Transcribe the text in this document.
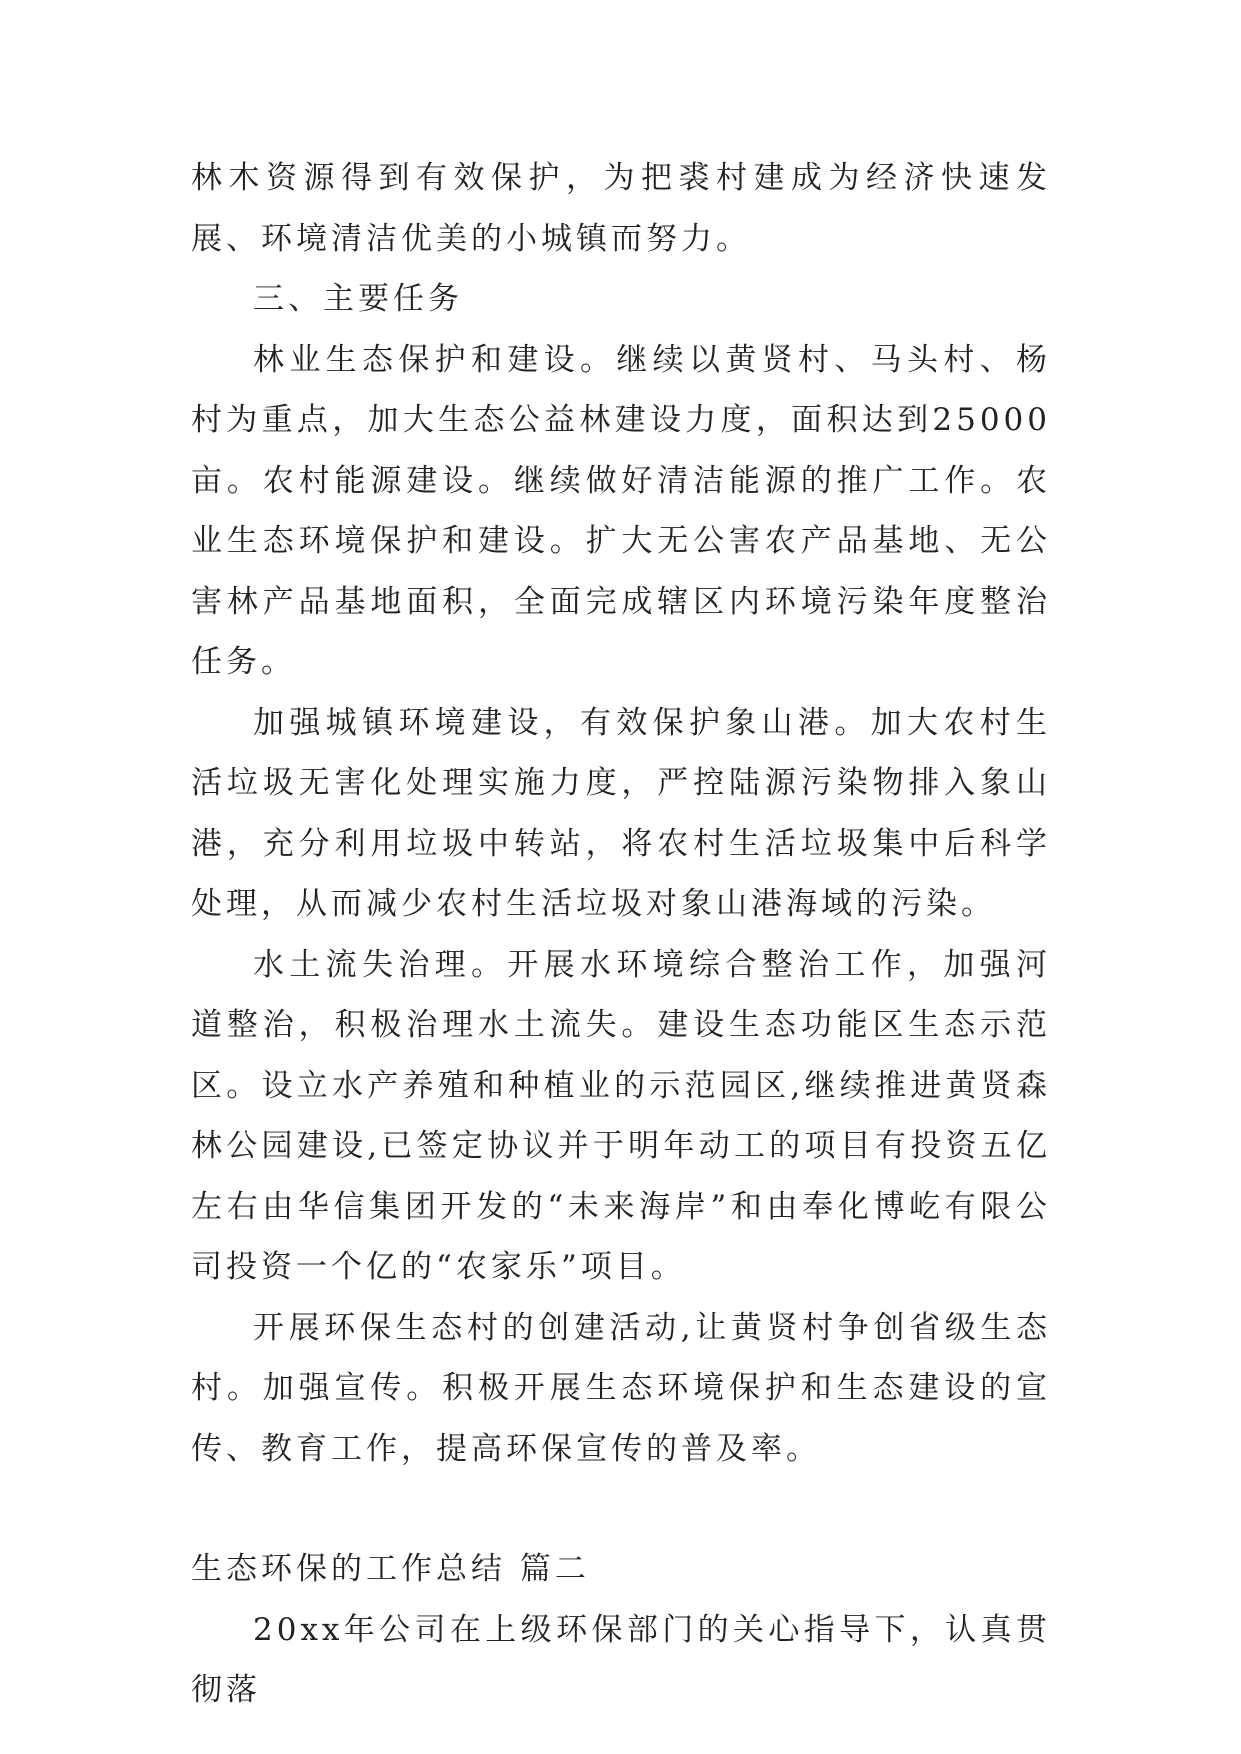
林木资源得到有效保护，为把裘村建成为经济快速发展、环境清洁优美的小城镇而努力。

三、主要任务

林业生态保护和建设。继续以黄贤村、马头村、杨村为重点，加大生态公益林建设力度，面积达到25000亩。农村能源建设。继续做好清洁能源的推广工作。农业生态环境保护和建设。扩大无公害农产品基地、无公害林产品基地面积，全面完成辖区内环境污染年度整治任务。

加强城镇环境建设，有效保护象山港。加大农村生活垃圾无害化处理实施力度，严控陆源污染物排入象山港，充分利用垃圾中转站，将农村生活垃圾集中后科学处理，从而减少农村生活垃圾对象山港海域的污染。

水土流失治理。开展水环境综合整治工作，加强河道整治，积极治理水土流失。建设生态功能区生态示范区。设立水产养殖和种植业的示范园区,继续推进黄贤森林公园建设,已签定协议并于明年动工的项目有投资五亿左右由华信集团开发的“未来海岸”和由奉化博屹有限公司投资一个亿的“农家乐”项目。

开展环保生态村的创建活动,让黄贤村争创省级生态村。加强宣传。积极开展生态环境保护和生态建设的宣传、教育工作，提高环保宣传的普及率。

生态环保的工作总结 篇二

20xx年公司在上级环保部门的关心指导下，认真贯彻落
